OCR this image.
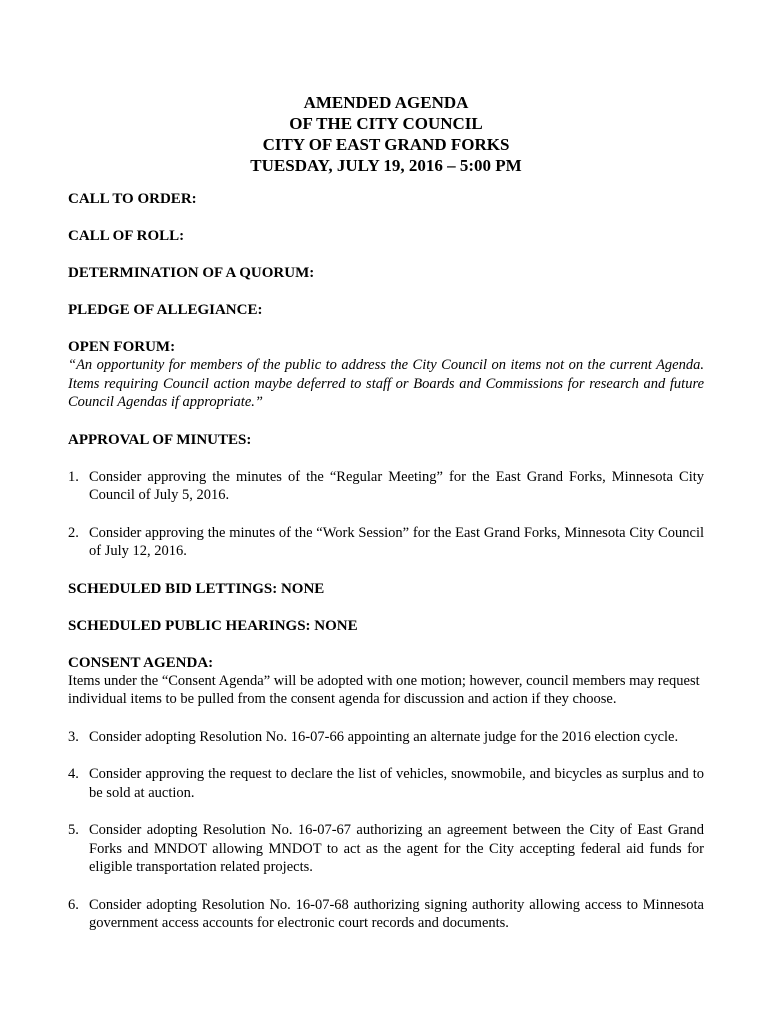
AMENDED AGENDA
OF THE CITY COUNCIL
CITY OF EAST GRAND FORKS
TUESDAY, JULY 19, 2016 – 5:00 PM

CALL TO ORDER:

CALL OF ROLL:

DETERMINATION OF A QUORUM:

PLEDGE OF ALLEGIANCE:

OPEN FORUM:

“An opportunity for members of the public to address the City Council on items not on the current Agenda. Items requiring Council action maybe deferred to staff or Boards and Commissions for research and future Council Agendas if appropriate.”

APPROVAL OF MINUTES:

1. Consider approving the minutes of the “Regular Meeting” for the East Grand Forks, Minnesota City Council of July 5, 2016.
2. Consider approving the minutes of the “Work Session” for the East Grand Forks, Minnesota City Council of July 12, 2016.

SCHEDULED BID LETTINGS: NONE

SCHEDULED PUBLIC HEARINGS: NONE

CONSENT AGENDA:

Items under the “Consent Agenda” will be adopted with one motion; however, council members may request individual items to be pulled from the consent agenda for discussion and action if they choose.

3. Consider adopting Resolution No. 16-07-66 appointing an alternate judge for the 2016 election cycle.
4. Consider approving the request to declare the list of vehicles, snowmobile, and bicycles as surplus and to be sold at auction.
5. Consider adopting Resolution No. 16-07-67 authorizing an agreement between the City of East Grand Forks and MNDOT allowing MNDOT to act as the agent for the City accepting federal aid funds for eligible transportation related projects.
6. Consider adopting Resolution No. 16-07-68 authorizing signing authority allowing access to Minnesota government access accounts for electronic court records and documents.
